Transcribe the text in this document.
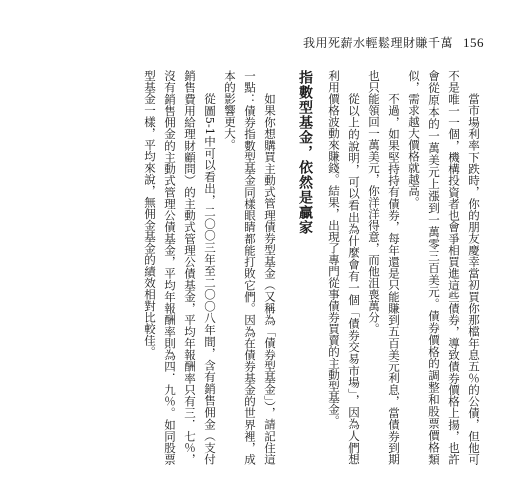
我用死薪水輕鬆理財賺千萬 156

當市場利率下跌時，你的朋友慶幸當初買你那檔年息五％的公債，但他可不是唯一一個，機構投資者也會爭相買進這些債券，導致債券價格上揚，也許會從原本的一萬美元上漲到一萬零三百美元。債券價格的調整和股票價格類似，需求越大價格就越高。

不過，如果堅持持有債券，每年還是只能賺到五百美元利息，當債券到期也只能領回一萬美元，你洋洋得意，而他沮喪萬分。

從以上的說明，可以看出為什麼會有一個「債券交易市場」，因為人們想利用價格波動來賺錢。結果，出現了專門從事債券買賣的主動型基金。

指數型基金，依然是贏家

如果你想購買主動式管理債券型基金（又稱為「債券型基金」），請記住這一點：債券指數型基金同樣眼睛都能打敗它們。因為在債券基金的世界裡，成本的影響更大。

從圖5-1中可以看出，二〇〇三年至二〇〇八年間，含有銷售佣金（支付銷售費用給理財顧問）的主動式管理公債基金，平均年報酬率只有三．七％，沒有銷售佣金的主動式管理公債基金，平均年報酬率則為四．九％。如同股票型基金一樣，平均來說，無佣金基金的績效相對比較佳。
